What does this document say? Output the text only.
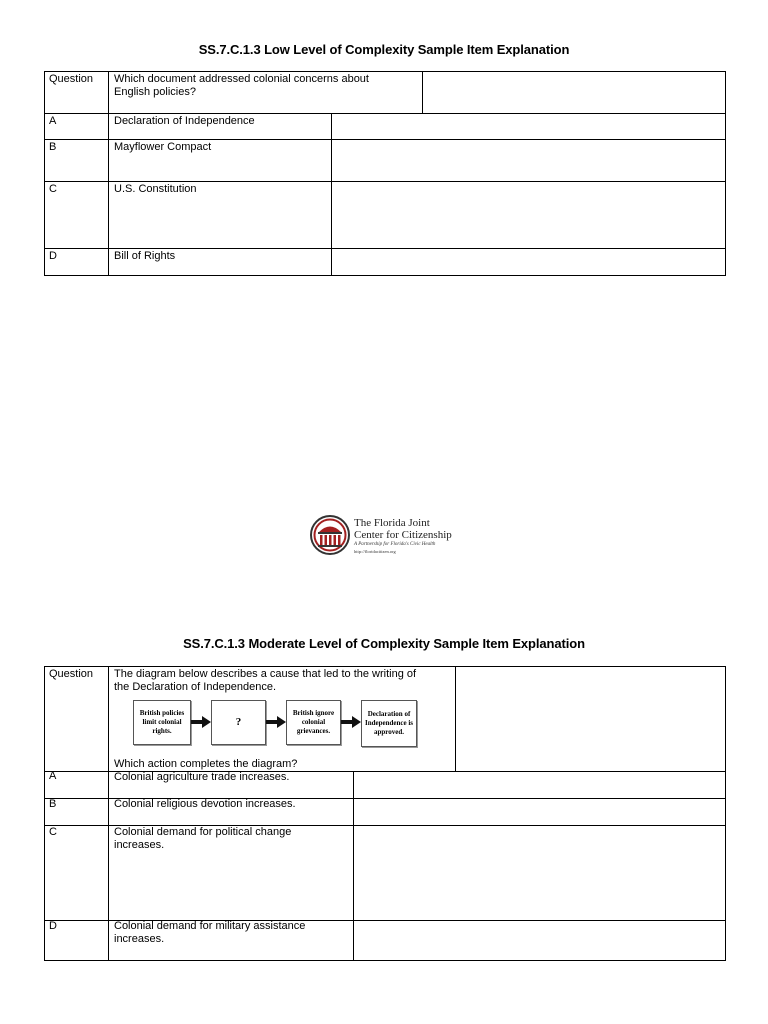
SS.7.C.1.3 Low Level of Complexity Sample Item Explanation
Question	Which document addressed colonial concerns about English policies?
A	Declaration of Independence
B	Mayflower Compact
C	U.S. Constitution
D	Bill of Rights
The Florida Joint
Center for Citizenship
A Partnership for Florida's Civic Health
http://floridacitizen.org
SS.7.C.1.3 Moderate Level of Complexity Sample Item Explanation
Question	The diagram below describes a cause that led to the writing of the Declaration of Independence.
British policies limit colonial rights.
?
British ignore colonial grievances.
Declaration of Independence is approved.
Which action completes the diagram?
A	Colonial agriculture trade increases.
B	Colonial religious devotion increases.
C	Colonial demand for political change increases.
D	Colonial demand for military assistance increases.
